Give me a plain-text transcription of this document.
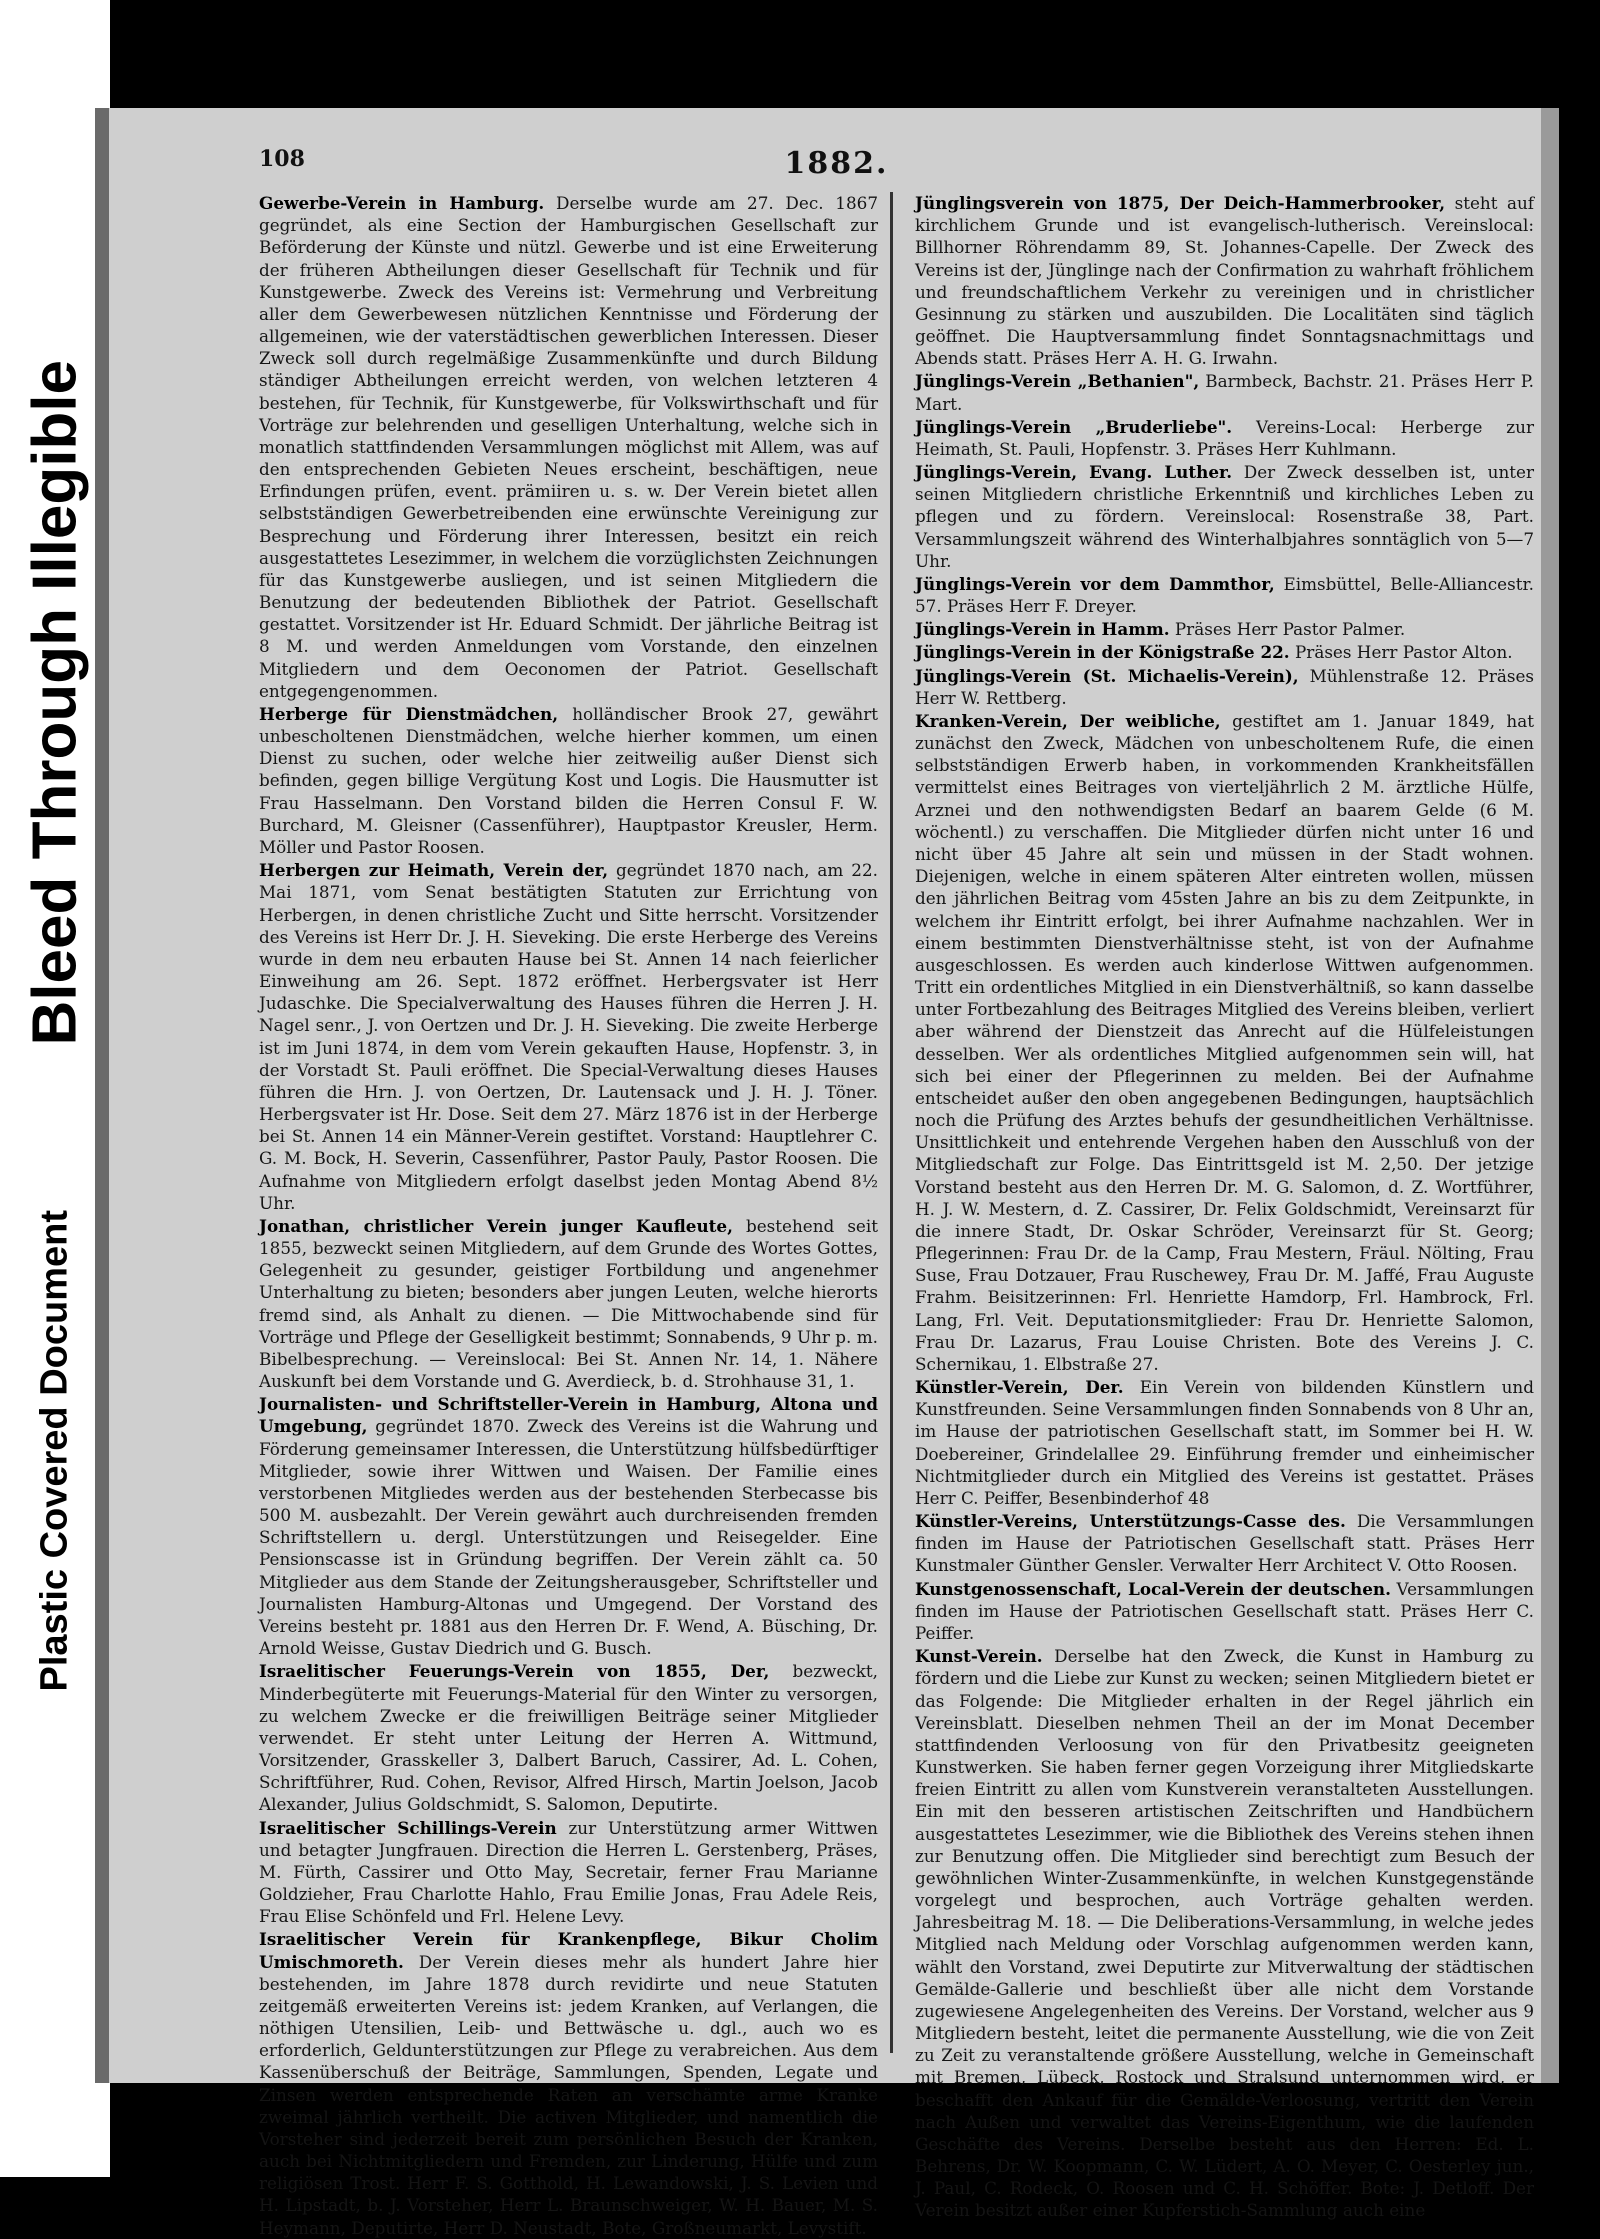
Bleed Through Illegible
Plastic Covered Document
108	1882.

Gewerbe-Verein in Hamburg. Derselbe wurde am 27. Dec. 1867 gegründet, als eine Section der Hamburgischen Gesellschaft zur Beförderung der Künste und nützl. Gewerbe und ist eine Erweiterung der früheren Abtheilungen dieser Gesellschaft für Technik und für Kunstgewerbe. Zweck des Vereins ist: Vermehrung und Verbreitung aller dem Gewerbewesen nützlichen Kenntnisse und Förderung der allgemeinen, wie der vaterstädtischen gewerblichen Interessen. Dieser Zweck soll durch regelmäßige Zusammenkünfte und durch Bildung ständiger Abtheilungen erreicht werden, von welchen letzteren 4 bestehen, für Technik, für Kunstgewerbe, für Volkswirthschaft und für Vorträge zur belehrenden und geselligen Unterhaltung, welche sich in monatlich stattfindenden Versammlungen möglichst mit Allem, was auf den entsprechenden Gebieten Neues erscheint, beschäftigen, neue Erfindungen prüfen, event. prämiiren u. s. w. Der Verein bietet allen selbstständigen Gewerbetreibenden eine erwünschte Vereinigung zur Besprechung und Förderung ihrer Interessen, besitzt ein reich ausgestattetes Lesezimmer, in welchem die vorzüglichsten Zeichnungen für das Kunstgewerbe ausliegen, und ist seinen Mitgliedern die Benutzung der bedeutenden Bibliothek der Patriot. Gesellschaft gestattet. Vorsitzender ist Hr. Eduard Schmidt. Der jährliche Beitrag ist 8 M. und werden Anmeldungen vom Vorstande, den einzelnen Mitgliedern und dem Oeconomen der Patriot. Gesellschaft entgegengenommen.

Herberge für Dienstmädchen, holländischer Brook 27, gewährt unbescholtenen Dienstmädchen, welche hierher kommen, um einen Dienst zu suchen, oder welche hier zeitweilig außer Dienst sich befinden, gegen billige Vergütung Kost und Logis. Die Hausmutter ist Frau Hasselmann. Den Vorstand bilden die Herren Consul F. W. Burchard, M. Gleisner (Cassenführer), Hauptpastor Kreusler, Herm. Möller und Pastor Roosen.

Herbergen zur Heimath, Verein der, gegründet 1870 nach, am 22. Mai 1871, vom Senat bestätigten Statuten zur Errichtung von Herbergen, in denen christliche Zucht und Sitte herrscht. Vorsitzender des Vereins ist Herr Dr. J. H. Sieveking. Die erste Herberge des Vereins wurde in dem neu erbauten Hause bei St. Annen 14 nach feierlicher Einweihung am 26. Sept. 1872 eröffnet. Herbergsvater ist Herr Judaschke. Die Specialverwaltung des Hauses führen die Herren J. H. Nagel senr., J. von Oertzen und Dr. J. H. Sieveking. Die zweite Herberge ist im Juni 1874, in dem vom Verein gekauften Hause, Hopfenstr. 3, in der Vorstadt St. Pauli eröffnet. Die Special-Verwaltung dieses Hauses führen die Hrn. J. von Oertzen, Dr. Lautensack und J. H. J. Töner. Herbergsvater ist Hr. Dose. Seit dem 27. März 1876 ist in der Herberge bei St. Annen 14 ein Männer-Verein gestiftet. Vorstand: Hauptlehrer C. G. M. Bock, H. Severin, Cassenführer, Pastor Pauly, Pastor Roosen. Die Aufnahme von Mitgliedern erfolgt daselbst jeden Montag Abend 8½ Uhr.

Jonathan, christlicher Verein junger Kaufleute, bestehend seit 1855, bezweckt seinen Mitgliedern, auf dem Grunde des Wortes Gottes, Gelegenheit zu gesunder, geistiger Fortbildung und angenehmer Unterhaltung zu bieten; besonders aber jungen Leuten, welche hierorts fremd sind, als Anhalt zu dienen. — Die Mittwochabende sind für Vorträge und Pflege der Geselligkeit bestimmt; Sonnabends, 9 Uhr p. m. Bibelbesprechung. — Vereinslocal: Bei St. Annen Nr. 14, 1. Nähere Auskunft bei dem Vorstande und G. Averdieck, b. d. Strohhause 31, 1.

Journalisten- und Schriftsteller-Verein in Hamburg, Altona und Umgebung, gegründet 1870. Zweck des Vereins ist die Wahrung und Förderung gemeinsamer Interessen, die Unterstützung hülfsbedürftiger Mitglieder, sowie ihrer Wittwen und Waisen. Der Familie eines verstorbenen Mitgliedes werden aus der bestehenden Sterbecasse bis 500 M. ausbezahlt. Der Verein gewährt auch durchreisenden fremden Schriftstellern u. dergl. Unterstützungen und Reisegelder. Eine Pensionscasse ist in Gründung begriffen. Der Verein zählt ca. 50 Mitglieder aus dem Stande der Zeitungsherausgeber, Schriftsteller und Journalisten Hamburg-Altonas und Umgegend. Der Vorstand des Vereins besteht pr. 1881 aus den Herren Dr. F. Wend, A. Büsching, Dr. Arnold Weisse, Gustav Diedrich und G. Busch.

Israelitischer Feuerungs-Verein von 1855, Der, bezweckt, Minderbegüterte mit Feuerungs-Material für den Winter zu versorgen, zu welchem Zwecke er die freiwilligen Beiträge seiner Mitglieder verwendet. Er steht unter Leitung der Herren A. Wittmund, Vorsitzender, Grasskeller 3, Dalbert Baruch, Cassirer, Ad. L. Cohen, Schriftführer, Rud. Cohen, Revisor, Alfred Hirsch, Martin Joelson, Jacob Alexander, Julius Goldschmidt, S. Salomon, Deputirte.

Israelitischer Schillings-Verein zur Unterstützung armer Wittwen und betagter Jungfrauen. Direction die Herren L. Gerstenberg, Präses, M. Fürth, Cassirer und Otto May, Secretair, ferner Frau Marianne Goldzieher, Frau Charlotte Hahlo, Frau Emilie Jonas, Frau Adele Reis, Frau Elise Schönfeld und Frl. Helene Levy.

Israelitischer Verein für Krankenpflege, Bikur Cholim Umischmoreth. Der Verein dieses mehr als hundert Jahre hier bestehenden, im Jahre 1878 durch revidirte und neue Statuten zeitgemäß erweiterten Vereins ist: jedem Kranken, auf Verlangen, die nöthigen Utensilien, Leib- und Bettwäsche u. dgl., auch wo es erforderlich, Geldunterstützungen zur Pflege zu verabreichen. Aus dem Kassenüberschuß der Beiträge, Sammlungen, Spenden, Legate und Zinsen werden entsprechende Raten an verschämte arme Kranke zweimal jährlich vertheilt. Die activen Mitglieder, und namentlich die Vorsteher sind jederzeit bereit zum persönlichen Besuch der Kranken, auch bei Nichtmitgliedern und Fremden, zur Linderung, Hülfe und zum religiösen Trost. Herr F. S. Gotthold, H. Lewandowski, J. S. Levien und H. Lipstadt, b. J. Vorsteher, Herr L. Braunschweiger, W. H. Bauer, M. S. Heymann, Deputirte, Herr D. Neustadt, Bote, Großneumarkt, Levystift.

Jünglingsverein von 1875, Der Deich-Hammerbrooker, steht auf kirchlichem Grunde und ist evangelisch-lutherisch. Vereinslocal: Billhorner Röhrendamm 89, St. Johannes-Capelle. Der Zweck des Vereins ist der, Jünglinge nach der Confirmation zu wahrhaft fröhlichem und freundschaftlichem Verkehr zu vereinigen und in christlicher Gesinnung zu stärken und auszubilden. Die Localitäten sind täglich geöffnet. Die Hauptversammlung findet Sonntagsnachmittags und Abends statt. Präses Herr A. H. G. Irwahn.

Jünglings-Verein „Bethanien", Barmbeck, Bachstr. 21. Präses Herr P. Mart.

Jünglings-Verein „Bruderliebe". Vereins-Local: Herberge zur Heimath, St. Pauli, Hopfenstr. 3. Präses Herr Kuhlmann.

Jünglings-Verein, Evang. Luther. Der Zweck desselben ist, unter seinen Mitgliedern christliche Erkenntniß und kirchliches Leben zu pflegen und zu fördern. Vereinslocal: Rosenstraße 38, Part. Versammlungszeit während des Winterhalbjahres sonntäglich von 5—7 Uhr.

Jünglings-Verein vor dem Dammthor, Eimsbüttel, Belle-Alliancestr. 57. Präses Herr F. Dreyer.

Jünglings-Verein in Hamm. Präses Herr Pastor Palmer.

Jünglings-Verein in der Königstraße 22. Präses Herr Pastor Alton.

Jünglings-Verein (St. Michaelis-Verein), Mühlenstraße 12. Präses Herr W. Rettberg.

Kranken-Verein, Der weibliche, gestiftet am 1. Januar 1849, hat zunächst den Zweck, Mädchen von unbescholtenem Rufe, die einen selbstständigen Erwerb haben, in vorkommenden Krankheitsfällen vermittelst eines Beitrages von vierteljährlich 2 M. ärztliche Hülfe, Arznei und den nothwendigsten Bedarf an baarem Gelde (6 M. wöchentl.) zu verschaffen. Die Mitglieder dürfen nicht unter 16 und nicht über 45 Jahre alt sein und müssen in der Stadt wohnen. Diejenigen, welche in einem späteren Alter eintreten wollen, müssen den jährlichen Beitrag vom 45sten Jahre an bis zu dem Zeitpunkte, in welchem ihr Eintritt erfolgt, bei ihrer Aufnahme nachzahlen. Wer in einem bestimmten Dienstverhältnisse steht, ist von der Aufnahme ausgeschlossen. Es werden auch kinderlose Wittwen aufgenommen. Tritt ein ordentliches Mitglied in ein Dienstverhältniß, so kann dasselbe unter Fortbezahlung des Beitrages Mitglied des Vereins bleiben, verliert aber während der Dienstzeit das Anrecht auf die Hülfeleistungen desselben. Wer als ordentliches Mitglied aufgenommen sein will, hat sich bei einer der Pflegerinnen zu melden. Bei der Aufnahme entscheidet außer den oben angegebenen Bedingungen, hauptsächlich noch die Prüfung des Arztes behufs der gesundheitlichen Verhältnisse. Unsittlichkeit und entehrende Vergehen haben den Ausschluß von der Mitgliedschaft zur Folge. Das Eintrittsgeld ist M. 2,50. Der jetzige Vorstand besteht aus den Herren Dr. M. G. Salomon, d. Z. Wortführer, H. J. W. Mestern, d. Z. Cassirer, Dr. Felix Goldschmidt, Vereinsarzt für die innere Stadt, Dr. Oskar Schröder, Vereinsarzt für St. Georg; Pflegerinnen: Frau Dr. de la Camp, Frau Mestern, Fräul. Nölting, Frau Suse, Frau Dotzauer, Frau Ruschewey, Frau Dr. M. Jaffé, Frau Auguste Frahm. Beisitzerinnen: Frl. Henriette Hamdorp, Frl. Hambrock, Frl. Lang, Frl. Veit. Deputationsmitglieder: Frau Dr. Henriette Salomon, Frau Dr. Lazarus, Frau Louise Christen. Bote des Vereins J. C. Schernikau, 1. Elbstraße 27.

Künstler-Verein, Der. Ein Verein von bildenden Künstlern und Kunstfreunden. Seine Versammlungen finden Sonnabends von 8 Uhr an, im Hause der patriotischen Gesellschaft statt, im Sommer bei H. W. Doebereiner, Grindelallee 29. Einführung fremder und einheimischer Nichtmitglieder durch ein Mitglied des Vereins ist gestattet. Präses Herr C. Peiffer, Besenbinderhof 48

Künstler-Vereins, Unterstützungs-Casse des. Die Versammlungen finden im Hause der Patriotischen Gesellschaft statt. Präses Herr Kunstmaler Günther Gensler. Verwalter Herr Architect V. Otto Roosen.

Kunstgenossenschaft, Local-Verein der deutschen. Versammlungen finden im Hause der Patriotischen Gesellschaft statt. Präses Herr C. Peiffer.

Kunst-Verein. Derselbe hat den Zweck, die Kunst in Hamburg zu fördern und die Liebe zur Kunst zu wecken; seinen Mitgliedern bietet er das Folgende: Die Mitglieder erhalten in der Regel jährlich ein Vereinsblatt. Dieselben nehmen Theil an der im Monat December stattfindenden Verloosung von für den Privatbesitz geeigneten Kunstwerken. Sie haben ferner gegen Vorzeigung ihrer Mitgliedskarte freien Eintritt zu allen vom Kunstverein veranstalteten Ausstellungen. Ein mit den besseren artistischen Zeitschriften und Handbüchern ausgestattetes Lesezimmer, wie die Bibliothek des Vereins stehen ihnen zur Benutzung offen. Die Mitglieder sind berechtigt zum Besuch der gewöhnlichen Winter-Zusammenkünfte, in welchen Kunstgegenstände vorgelegt und besprochen, auch Vorträge gehalten werden. Jahresbeitrag M. 18. — Die Deliberations-Versammlung, in welche jedes Mitglied nach Meldung oder Vorschlag aufgenommen werden kann, wählt den Vorstand, zwei Deputirte zur Mitverwaltung der städtischen Gemälde-Gallerie und beschließt über alle nicht dem Vorstande zugewiesene Angelegenheiten des Vereins. Der Vorstand, welcher aus 9 Mitgliedern besteht, leitet die permanente Ausstellung, wie die von Zeit zu Zeit zu veranstaltende größere Ausstellung, welche in Gemeinschaft mit Bremen, Lübeck, Rostock und Stralsund unternommen wird, er beschafft den Ankauf für die Gemälde-Verloosung, vertritt den Verein nach Außen und verwaltet das Vereins-Eigenthum, wie die laufenden Geschäfte des Vereins. Derselbe besteht aus den Herren: Ed. L. Behrens, Dr. W. Koopmann, C. W. Lüdert, A. O. Meyer, C. Oesterley jun., J. Paul, C. Rodeck, O. Roosen und C. H. Schöffer. Bote: J. Detloff. Der Verein besitzt außer einer Kupferstich-Sammlung auch eine
